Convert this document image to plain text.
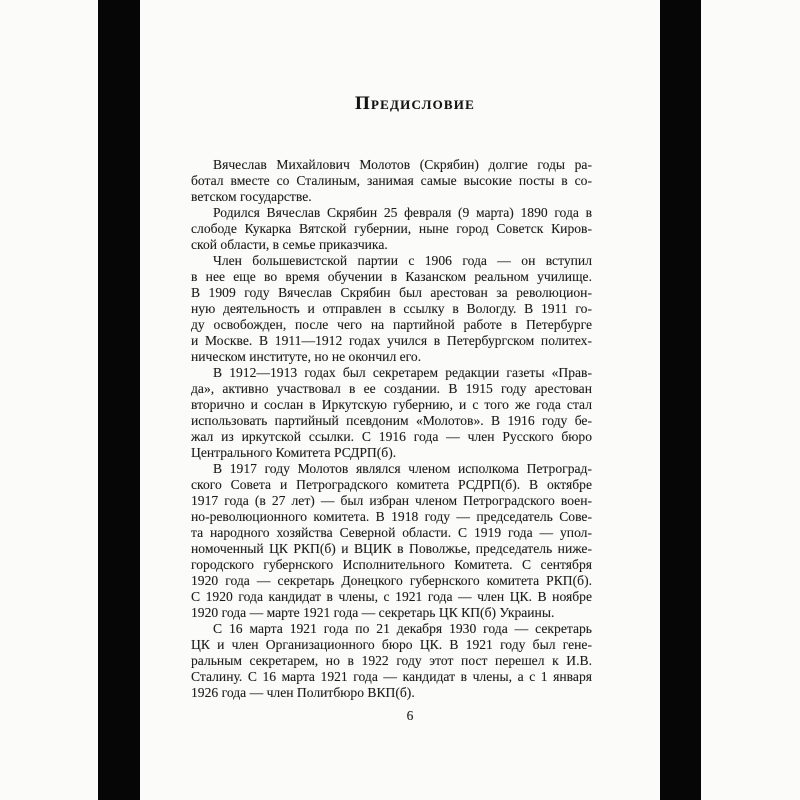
Предисловие
Вячеслав Михайлович Молотов (Скрябин) долгие годы ра-
ботал вместе со Сталиным, занимая самые высокие посты в со-
ветском государстве.
Родился Вячеслав Скрябин 25 февраля (9 марта) 1890 года в
слободе Кукарка Вятской губернии, ныне город Советск Киров-
ской области, в семье приказчика.
Член большевистской партии с 1906 года — он вступил
в нее еще во время обучении в Казанском реальном училище.
В 1909 году Вячеслав Скрябин был арестован за революцион-
ную деятельность и отправлен в ссылку в Вологду. В 1911 го-
ду освобожден, после чего на партийной работе в Петербурге
и Москве. В 1911—1912 годах учился в Петербургском политех-
ническом институте, но не окончил его.
В 1912—1913 годах был секретарем редакции газеты «Прав-
да», активно участвовал в ее создании. В 1915 году арестован
вторично и сослан в Иркутскую губернию, и с того же года стал
использовать партийный псевдоним «Молотов». В 1916 году бе-
жал из иркутской ссылки. С 1916 года — член Русского бюро
Центрального Комитета РСДРП(б).
В 1917 году Молотов являлся членом исполкома Петроград-
ского Совета и Петроградского комитета РСДРП(б). В октябре
1917 года (в 27 лет) — был избран членом Петроградского воен-
но-революционного комитета. В 1918 году — председатель Сове-
та народного хозяйства Северной области. С 1919 года — упол-
номоченный ЦК РКП(б) и ВЦИК в Поволжье, председатель ниже-
городского губернского Исполнительного Комитета. С сентября
1920 года — секретарь Донецкого губернского комитета РКП(б).
С 1920 года кандидат в члены, с 1921 года — член ЦК. В ноябре
1920 года — марте 1921 года — секретарь ЦК КП(б) Украины.
С 16 марта 1921 года по 21 декабря 1930 года — секретарь
ЦК и член Организационного бюро ЦК. В 1921 году был гене-
ральным секретарем, но в 1922 году этот пост перешел к И.В.
Сталину. С 16 марта 1921 года — кандидат в члены, а с 1 января
1926 года — член Политбюро ВКП(б).
6
